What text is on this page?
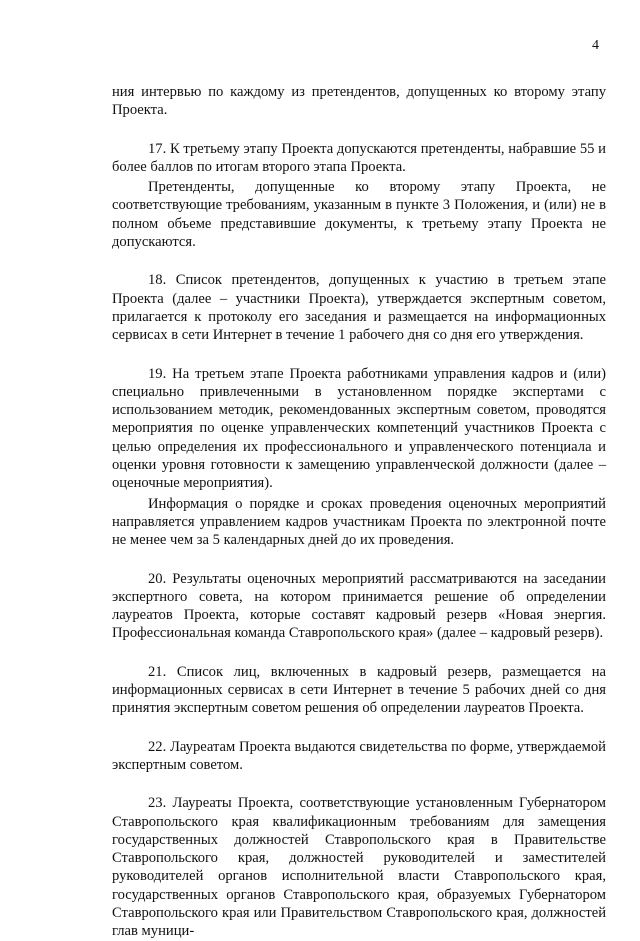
4

ния интервью по каждому из претендентов, допущенных ко второму этапу Проекта.

17. К третьему этапу Проекта допускаются претенденты, набравшие 55 и более баллов по итогам второго этапа Проекта.

Претенденты, допущенные ко второму этапу Проекта, не соответствующие требованиям, указанным в пункте 3 Положения, и (или) не в полном объеме представившие документы, к третьему этапу Проекта не допускаются.

18. Список претендентов, допущенных к участию в третьем этапе Проекта (далее – участники Проекта), утверждается экспертным советом, прилагается к протоколу его заседания и размещается на информационных сервисах в сети Интернет в течение 1 рабочего дня со дня его утверждения.

19. На третьем этапе Проекта работниками управления кадров и (или) специально привлеченными в установленном порядке экспертами с использованием методик, рекомендованных экспертным советом, проводятся мероприятия по оценке управленческих компетенций участников Проекта с целью определения их профессионального и управленческого потенциала и оценки уровня готовности к замещению управленческой должности (далее – оценочные мероприятия).

Информация о порядке и сроках проведения оценочных мероприятий направляется управлением кадров участникам Проекта по электронной почте не менее чем за 5 календарных дней до их проведения.

20. Результаты оценочных мероприятий рассматриваются на заседании экспертного совета, на котором принимается решение об определении лауреатов Проекта, которые составят кадровый резерв «Новая энергия. Профессиональная команда Ставропольского края» (далее – кадровый резерв).

21. Список лиц, включенных в кадровый резерв, размещается на информационных сервисах в сети Интернет в течение 5 рабочих дней со дня принятия экспертным советом решения об определении лауреатов Проекта.

22. Лауреатам Проекта выдаются свидетельства по форме, утверждаемой экспертным советом.

23. Лауреаты Проекта, соответствующие установленным Губернатором Ставропольского края квалификационным требованиям для замещения государственных должностей Ставропольского края в Правительстве Ставропольского края, должностей руководителей и заместителей руководителей органов исполнительной власти Ставропольского края, государственных органов Ставропольского края, образуемых Губернатором Ставропольского края или Правительством Ставропольского края, должностей глав муници-
